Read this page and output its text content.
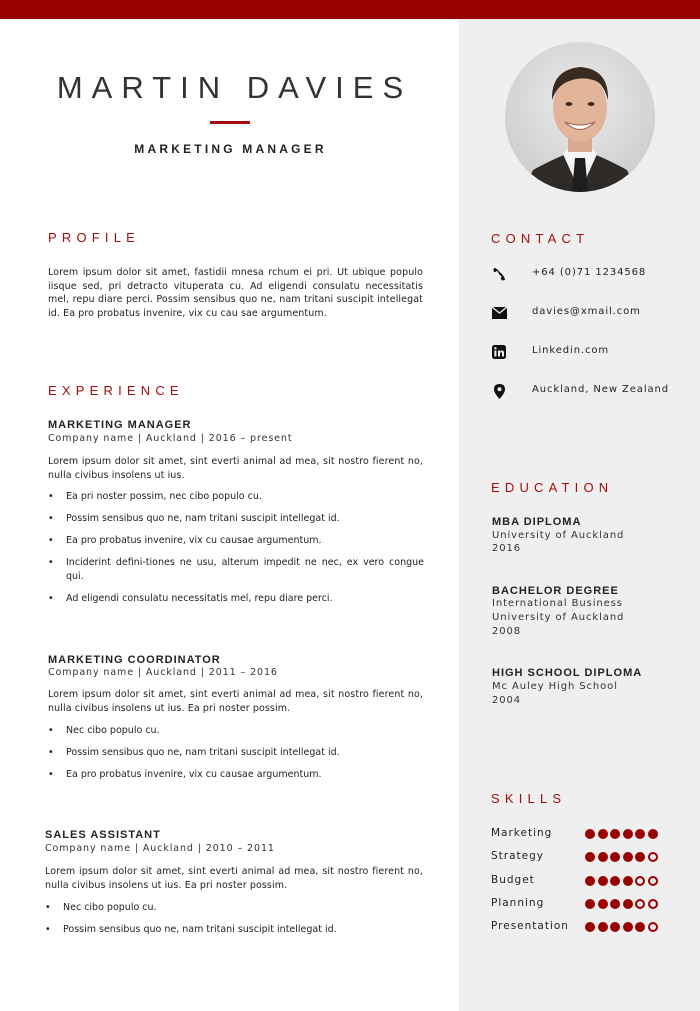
MARTIN DAVIES
MARKETING MANAGER
PROFILE

Lorem ipsum dolor sit amet, fastidii mnesa rchum ei pri. Ut ubique populo iisque sed, pri detracto vituperata cu. Ad eligendi consulatu necessitatis mel, repu diare perci. Possim sensibus quo ne, nam tritani suscipit intellegat id. Ea pro probatus invenire, vix cu cau sae argumentum.

EXPERIENCE
MARKETING MANAGER
Company name | Auckland | 2016 – present

Lorem ipsum dolor sit amet, sint everti animal ad mea, sit nostro fierent no, nulla civibus insolens ut ius.

• Ea pri noster possim, nec cibo populo cu.
• Possim sensibus quo ne, nam tritani suscipit intellegat id.
• Ea pro probatus invenire, vix cu causae argumentum.
• Inciderint defini-tiones ne usu, alterum impedit ne nec, ex vero congue qui.
• Ad eligendi consulatu necessitatis mel, repu diare perci.
MARKETING COORDINATOR
Company name | Auckland | 2011 – 2016

Lorem ipsum dolor sit amet, sint everti animal ad mea, sit nostro fierent no, nulla civibus insolens ut ius. Ea pri noster possim.

• Nec cibo populo cu.
• Possim sensibus quo ne, nam tritani suscipit intellegat id.
• Ea pro probatus invenire, vix cu causae argumentum.
SALES ASSISTANT
Company name | Auckland | 2010 – 2011

Lorem ipsum dolor sit amet, sint everti animal ad mea, sit nostro fierent no, nulla civibus insolens ut ius. Ea pri noster possim.

• Nec cibo populo cu.
• Possim sensibus quo ne, nam tritani suscipit intellegat id.
CONTACT
+64 (0)71 1234568
davies@xmail.com
Linkedin.com
Auckland, New Zealand
EDUCATION
MBA DIPLOMA
University of Auckland
2016
BACHELOR DEGREE
International Business
University of Auckland
2008
HIGH SCHOOL DIPLOMA
Mc Auley High School
2004
SKILLS
Marketing
Strategy
Budget
Planning
Presentation
